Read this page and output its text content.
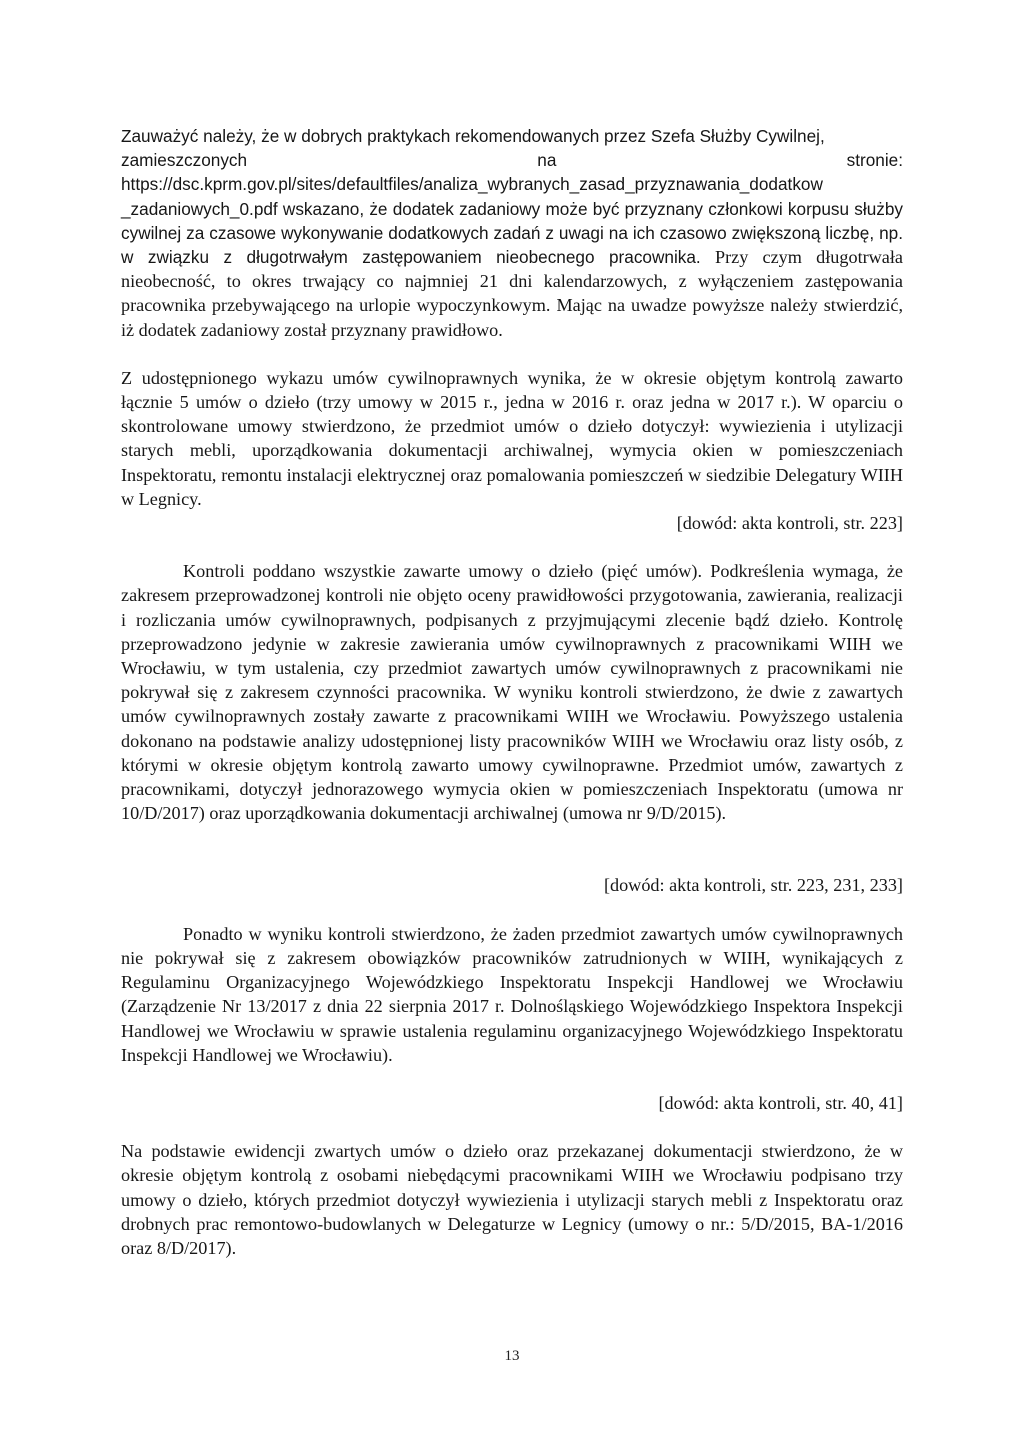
Zauważyć należy, że w dobrych praktykach rekomendowanych przez Szefa Służby Cywilnej,
zamieszczonych	na	stronie:
https://dsc.kprm.gov.pl/sites/defaultfiles/analiza_wybranych_zasad_przyznawania_dodatkow
_zadaniowych_0.pdf wskazano, że dodatek zadaniowy może być przyznany członkowi korpusu służby cywilnej za czasowe wykonywanie dodatkowych zadań z uwagi na ich czasowo zwiększoną liczbę, np. w związku z długotrwałym zastępowaniem nieobecnego pracownika. Przy czym długotrwała nieobecność, to okres trwający co najmniej 21 dni kalendarzowych, z wyłączeniem zastępowania pracownika przebywającego na urlopie wypoczynkowym. Mając na uwadze powyższe należy stwierdzić, iż dodatek zadaniowy został przyznany prawidłowo.

Z udostępnionego wykazu umów cywilnoprawnych wynika, że w okresie objętym kontrolą zawarto łącznie 5 umów o dzieło (trzy umowy w 2015 r., jedna w 2016 r. oraz jedna w 2017 r.). W oparciu o skontrolowane umowy stwierdzono, że przedmiot umów o dzieło dotyczył: wywiezienia i utylizacji starych mebli, uporządkowania dokumentacji archiwalnej, wymycia okien w pomieszczeniach Inspektoratu, remontu instalacji elektrycznej oraz pomalowania pomieszczeń w siedzibie Delegatury WIIH w Legnicy.

[dowód: akta kontroli, str. 223]

Kontroli poddano wszystkie zawarte umowy o dzieło (pięć umów). Podkreślenia wymaga, że zakresem przeprowadzonej kontroli nie objęto oceny prawidłowości przygotowania, zawierania, realizacji i rozliczania umów cywilnoprawnych, podpisanych z przyjmującymi zlecenie bądź dzieło. Kontrolę przeprowadzono jedynie w zakresie zawierania umów cywilnoprawnych z pracownikami WIIH we Wrocławiu, w tym ustalenia, czy przedmiot zawartych umów cywilnoprawnych z pracownikami nie pokrywał się z zakresem czynności pracownika. W wyniku kontroli stwierdzono, że dwie z zawartych umów cywilnoprawnych zostały zawarte z pracownikami WIIH we Wrocławiu. Powyższego ustalenia dokonano na podstawie analizy udostępnionej listy pracowników WIIH we Wrocławiu oraz listy osób, z którymi w okresie objętym kontrolą zawarto umowy cywilnoprawne. Przedmiot umów, zawartych z pracownikami, dotyczył jednorazowego wymycia okien w pomieszczeniach Inspektoratu (umowa nr 10/D/2017) oraz uporządkowania dokumentacji archiwalnej (umowa nr 9/D/2015).

[dowód: akta kontroli, str. 223, 231, 233]

Ponadto w wyniku kontroli stwierdzono, że żaden przedmiot zawartych umów cywilnoprawnych nie pokrywał się z zakresem obowiązków pracowników zatrudnionych w WIIH, wynikających z Regulaminu Organizacyjnego Wojewódzkiego Inspektoratu Inspekcji Handlowej we Wrocławiu (Zarządzenie Nr 13/2017 z dnia 22 sierpnia 2017 r. Dolnośląskiego Wojewódzkiego Inspektora Inspekcji Handlowej we Wrocławiu w sprawie ustalenia regulaminu organizacyjnego Wojewódzkiego Inspektoratu Inspekcji Handlowej we Wrocławiu).

[dowód: akta kontroli, str. 40, 41]

Na podstawie ewidencji zwartych umów o dzieło oraz przekazanej dokumentacji stwierdzono, że w okresie objętym kontrolą z osobami niebędącymi pracownikami WIIH we Wrocławiu podpisano trzy umowy o dzieło, których przedmiot dotyczył wywiezienia i utylizacji starych mebli z Inspektoratu oraz drobnych prac remontowo-budowlanych w Delegaturze w Legnicy (umowy o nr.: 5/D/2015, BA-1/2016 oraz 8/D/2017).

13
